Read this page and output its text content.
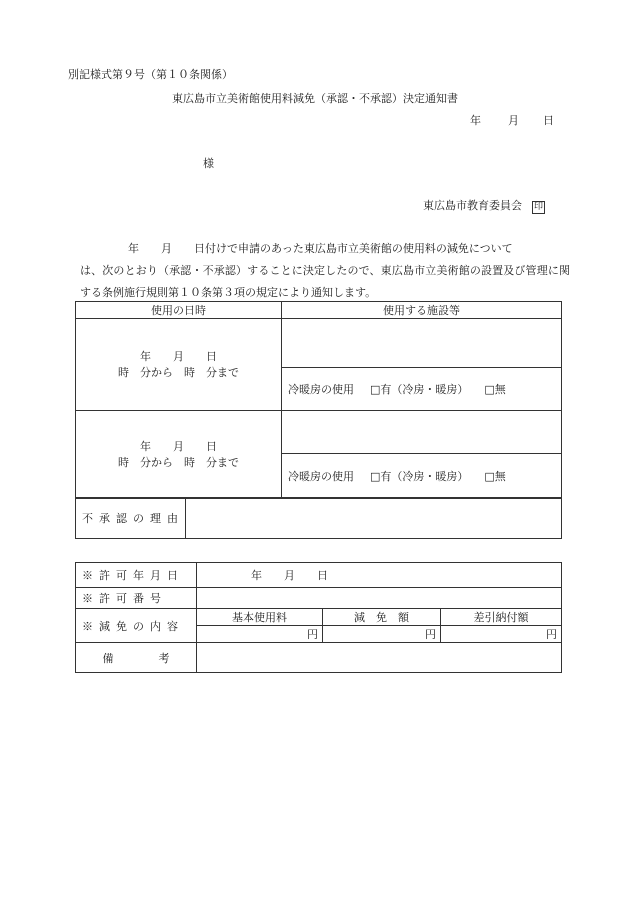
別記様式第９号（第１０条関係）
東広島市立美術館使用料減免（承認・不承認）決定通知書
年 月 日
様
東広島市教育委員会 印
年　　月　　日付けで申請のあった東広島市立美術館の使用料の減免について
は、次のとおり（承認・不承認）することに決定したので、東広島市立美術館の設置及び管理に関する条例施行規則第１０条第３項の規定により通知します。
使用の日時	使用する施設等

年　　月　　日
時　分から　時　分まで	

	冷暖房の使用 □有（冷房・暖房） □無

年　　月　　日
時　分から　時　分まで	

	冷暖房の使用 □有（冷房・暖房） □無
不承認の理由	
※許可年月日	年　　月　　日		
※許可番号			
※減免の内容	基本使用料	減　免　額	差引納付額
	円	円	円
備 考			
